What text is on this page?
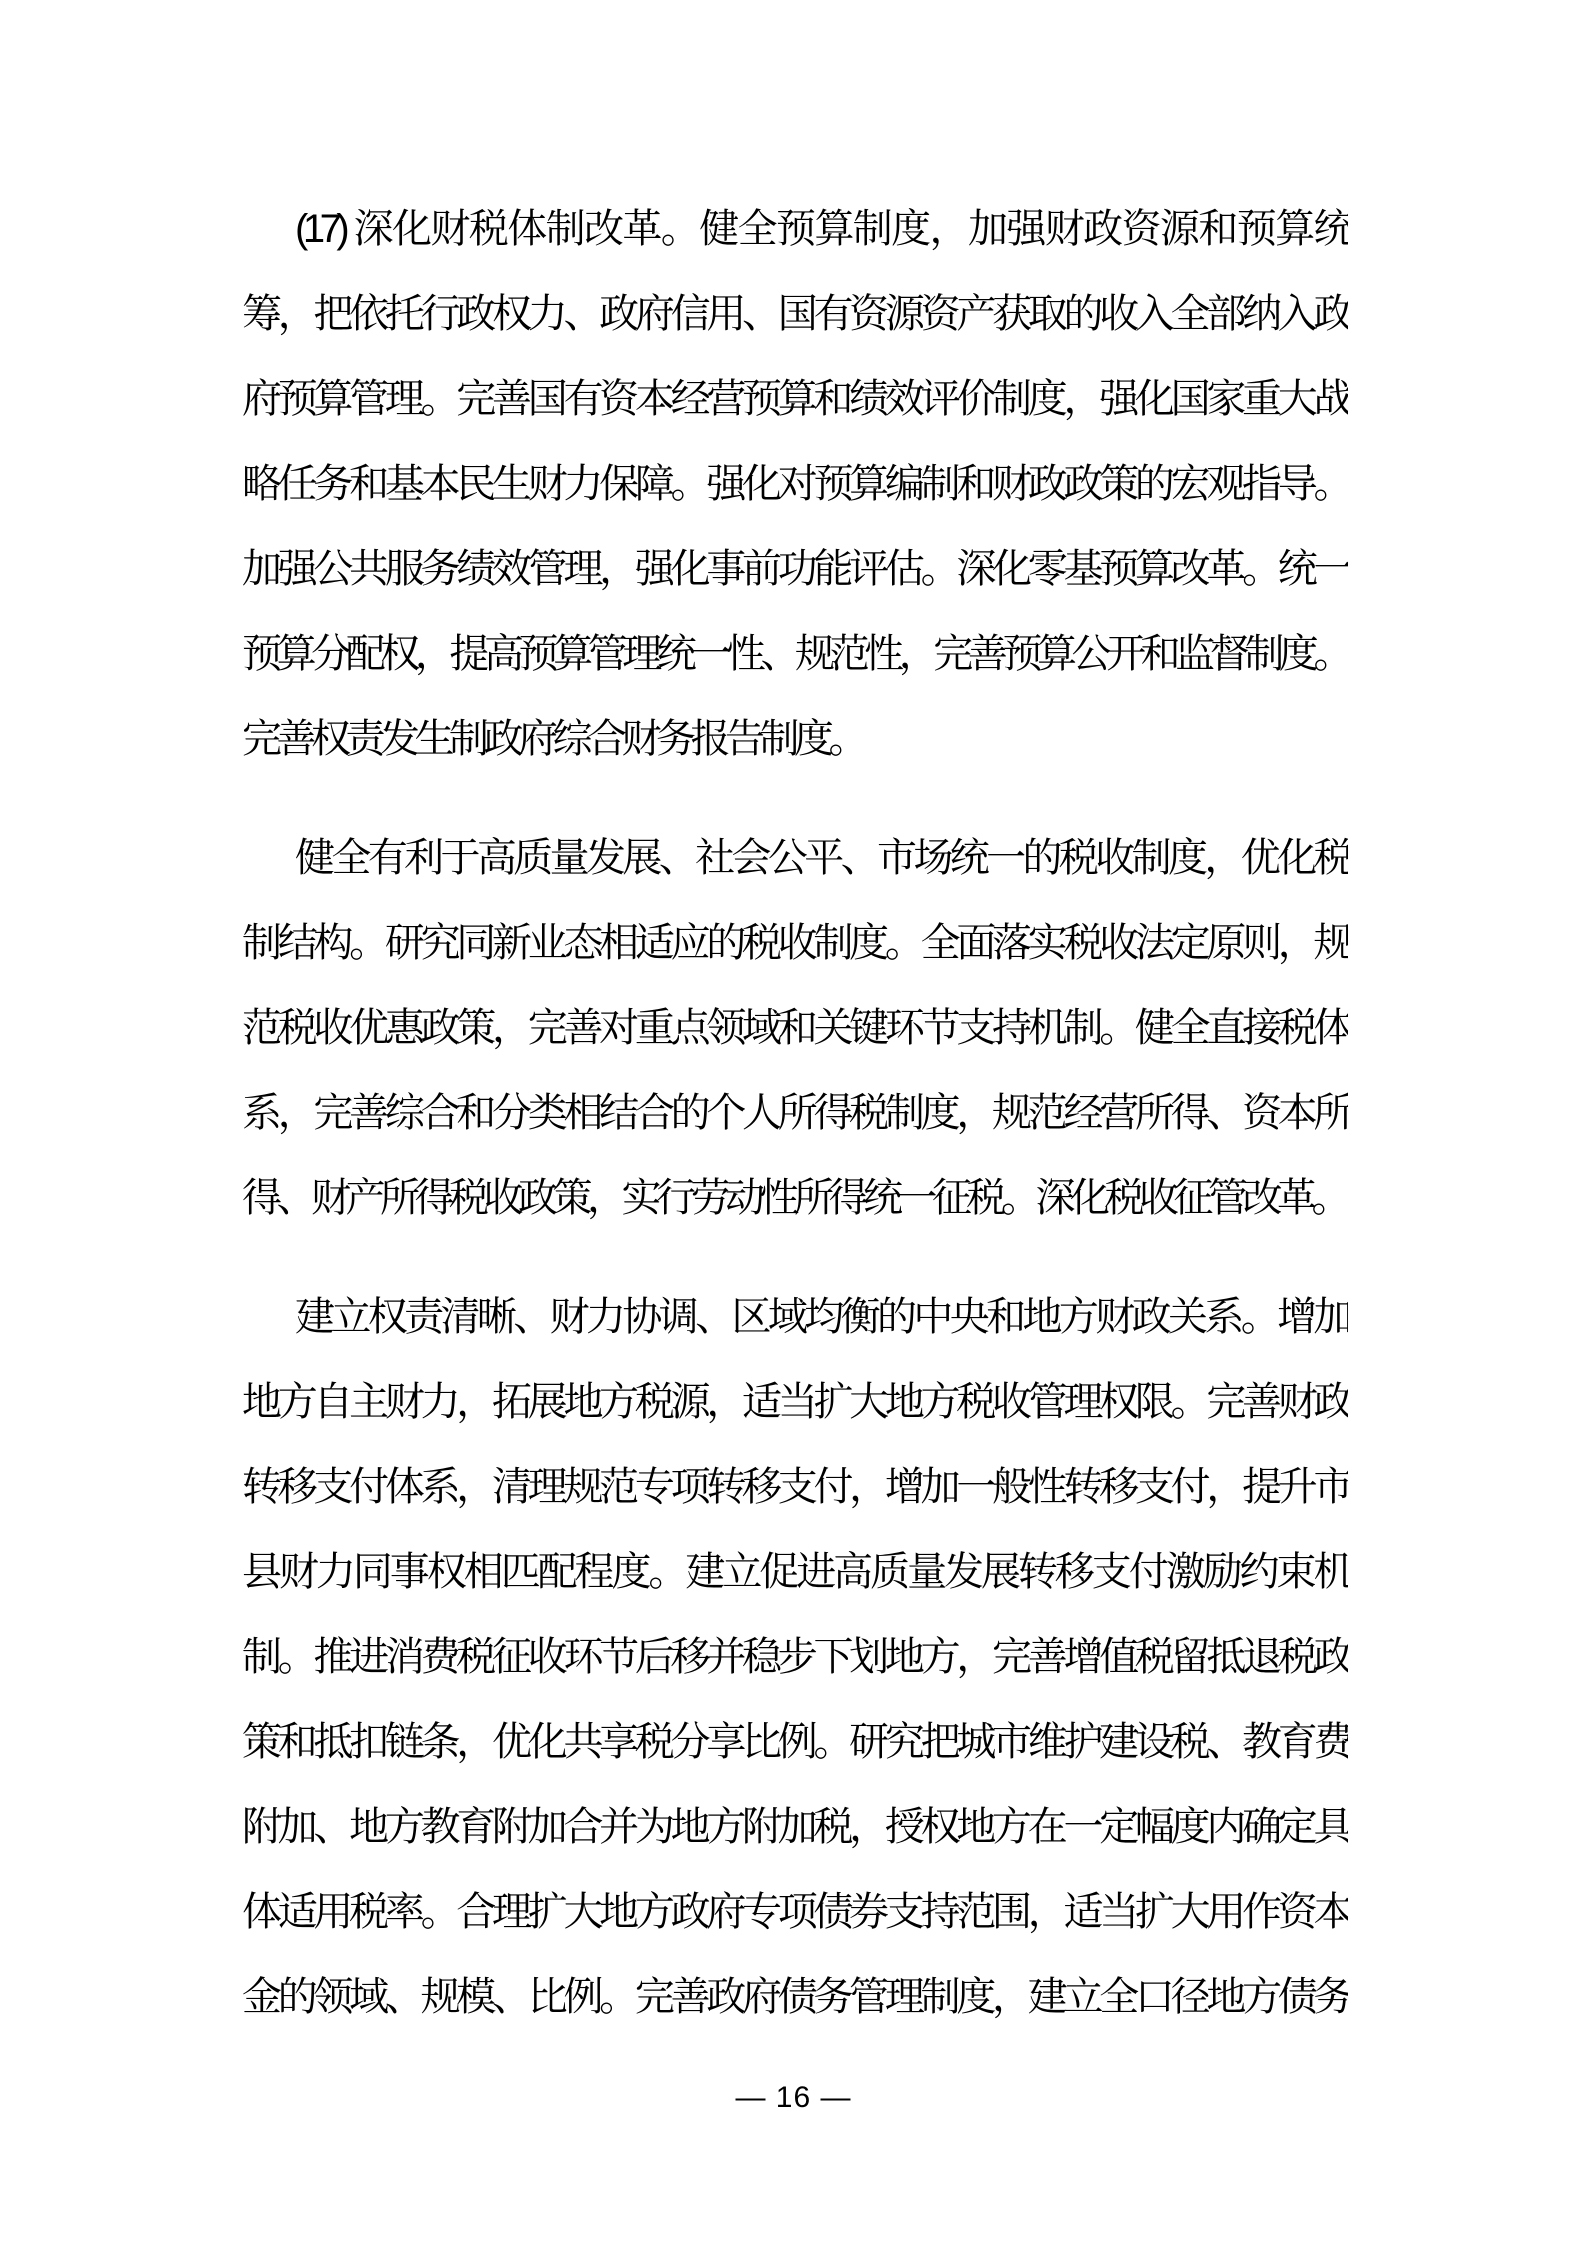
(17) 深化财税体制改革。健全预算制度，加强财政资源和预算统
筹，把依托行政权力、政府信用、国有资源资产获取的收入全部纳入政
府预算管理。完善国有资本经营预算和绩效评价制度，强化国家重大战
略任务和基本民生财力保障。强化对预算编制和财政政策的宏观指导。
加强公共服务绩效管理，强化事前功能评估。深化零基预算改革。统一
预算分配权，提高预算管理统一性、规范性，完善预算公开和监督制度。
完善权责发生制政府综合财务报告制度。
健全有利于高质量发展、社会公平、市场统一的税收制度，优化税
制结构。研究同新业态相适应的税收制度。全面落实税收法定原则，规
范税收优惠政策，完善对重点领域和关键环节支持机制。健全直接税体
系，完善综合和分类相结合的个人所得税制度，规范经营所得、资本所
得、财产所得税收政策，实行劳动性所得统一征税。深化税收征管改革。
建立权责清晰、财力协调、区域均衡的中央和地方财政关系。增加
地方自主财力，拓展地方税源，适当扩大地方税收管理权限。完善财政
转移支付体系，清理规范专项转移支付，增加一般性转移支付，提升市
县财力同事权相匹配程度。建立促进高质量发展转移支付激励约束机
制。推进消费税征收环节后移并稳步下划地方，完善增值税留抵退税政
策和抵扣链条，优化共享税分享比例。研究把城市维护建设税、教育费
附加、地方教育附加合并为地方附加税，授权地方在一定幅度内确定具
体适用税率。合理扩大地方政府专项债券支持范围，适当扩大用作资本
金的领域、规模、比例。完善政府债务管理制度，建立全口径地方债务
— 16 —
